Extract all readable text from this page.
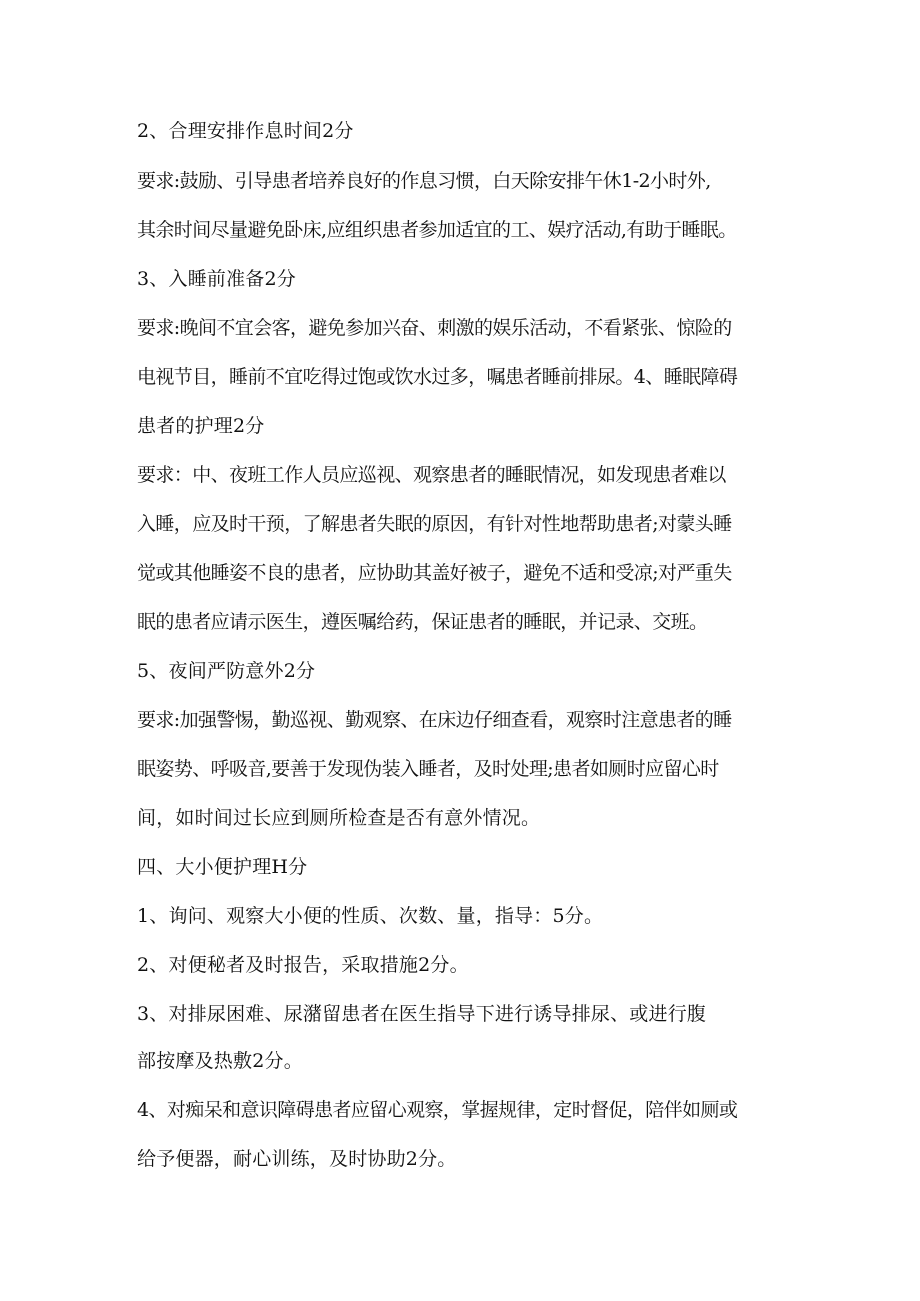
2、合理安排作息时间2分
要求:鼓励、引导患者培养良好的作息习惯，白天除安排午休1-2小时外,
其余时间尽量避免卧床,应组织患者参加适宜的工、娱疗活动,有助于睡眠。
3、入睡前准备2分
要求:晚间不宜会客，避免参加兴奋、刺激的娱乐活动，不看紧张、惊险的
电视节目，睡前不宜吃得过饱或饮水过多，嘱患者睡前排尿。4、睡眠障碍
患者的护理2分
要求：中、夜班工作人员应巡视、观察患者的睡眠情况，如发现患者难以
入睡，应及时干预，了解患者失眠的原因，有针对性地帮助患者;对蒙头睡
觉或其他睡姿不良的患者，应协助其盖好被子，避免不适和受凉;对严重失
眠的患者应请示医生，遵医嘱给药，保证患者的睡眠，并记录、交班。
5、夜间严防意外2分
要求:加强警惕，勤巡视、勤观察、在床边仔细查看，观察时注意患者的睡
眠姿势、呼吸音,要善于发现伪装入睡者，及时处理;患者如厕时应留心时
间，如时间过长应到厕所检查是否有意外情况。
四、大小便护理H分
1、询问、观察大小便的性质、次数、量，指导：5分。
2、对便秘者及时报告，采取措施2分。
3、对排尿困难、尿潴留患者在医生指导下进行诱导排尿、或进行腹
部按摩及热敷2分。
4、对痴呆和意识障碍患者应留心观察，掌握规律，定时督促，陪伴如厕或
给予便器，耐心训练，及时协助2分。
